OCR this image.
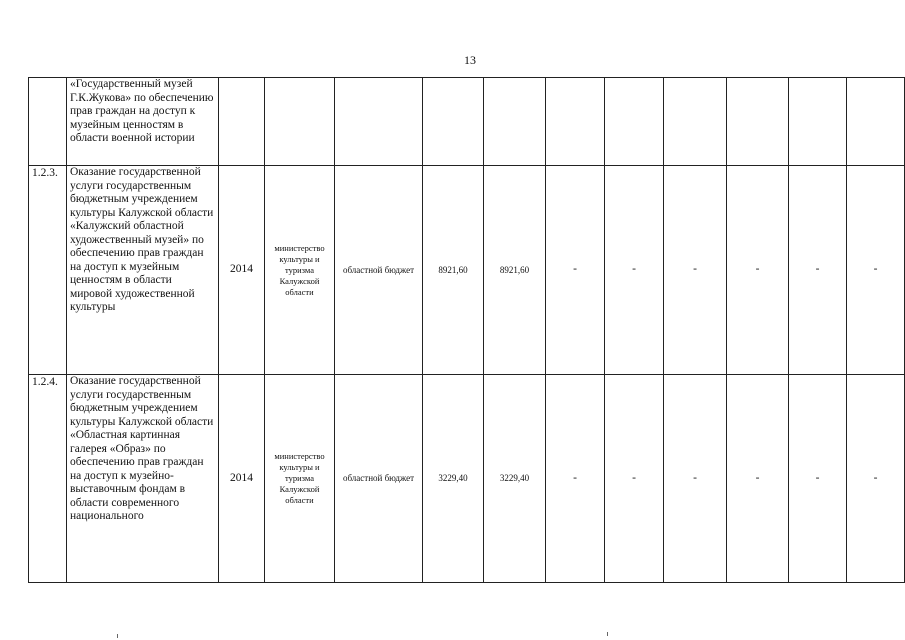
13
	«Государственный музей Г.К.Жукова» по обеспечению прав граждан на доступ к музейным ценностям в области военной истории											
1.2.3.	Оказание государственной услуги государственным бюджетным учреждением культуры Калужской области «Калужский областной художественный музей» по обеспечению прав граждан на доступ к музейным ценностям в области мировой художественной культуры	2014	министерство культуры и туризма Калужской области	областной бюджет	8921,60	8921,60	-	-	-	-	-	-
1.2.4.	Оказание государственной услуги государственным бюджетным учреждением культуры Калужской области «Областная картинная галерея «Образ» по обеспечению прав граждан на доступ к музейно-выставочным фондам в области современного национального	2014	министерство культуры и туризма Калужской области	областной бюджет	3229,40	3229,40	-	-	-	-	-	-
